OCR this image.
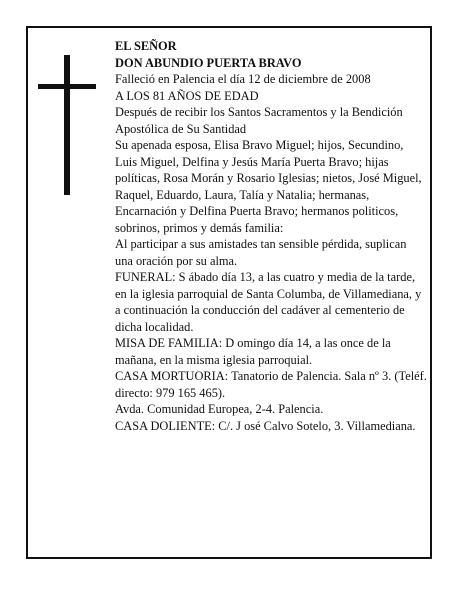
EL SEÑOR

DON ABUNDIO PUERTA BRAVO

Falleció en Palencia el día 12 de diciembre de 2008

A LOS 81 AÑOS DE EDAD

Después de recibir los Santos Sacramentos y la Bendición Apostólica de Su Santidad

Su apenada esposa, Elisa Bravo Miguel; hijos, Secundino, Luis Miguel, Delfina y Jesús María Puerta Bravo; hijas políticas, Rosa Morán y Rosario Iglesias; nietos, José Miguel, Raquel, Eduardo, Laura, Talía y Natalia; hermanas, Encarnación y Delfina Puerta Bravo; hermanos politicos, sobrinos, primos y demás familia:

Al participar a sus amistades tan sensible pérdida, suplican una oración por su alma.

FUNERAL: S ábado día 13, a las cuatro y media de la tarde, en la iglesia parroquial de Santa Columba, de Villamediana, y a continuación la conducción del cadáver al cementerio de dicha localidad.

MISA DE FAMILIA: D omingo día 14, a las once de la mañana, en la misma iglesia parroquial.

CASA MORTUORIA: Tanatorio de Palencia. Sala nº 3. (Teléf. directo: 979 165 465).

Avda. Comunidad Europea, 2-4. Palencia.

CASA DOLIENTE: C/. J osé Calvo Sotelo, 3. Villamediana.
